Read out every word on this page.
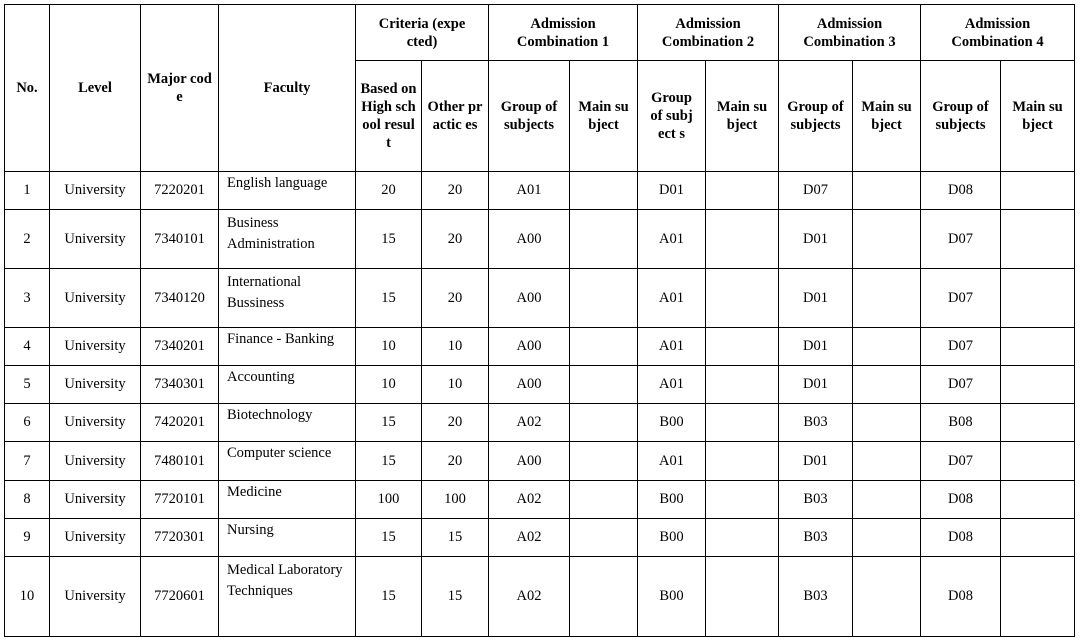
No.	Level	Major code	Faculty	Criteria (expected)		Admission Combination 1		Admission Combination 2		Admission Combination 3		Admission Combination 4	
				Based on High school result	Other practic es	Group of subjects	Main subject	Group of subject s	Main subject	Group of subjects	Main subject	Group of subjects	Main subject
1	University	7220201	English language	20	20	A01		D01		D07		D08	
2	University	7340101	Business Administration	15	20	A00		A01		D01		D07	
3	University	7340120	International Bussiness	15	20	A00		A01		D01		D07	
4	University	7340201	Finance - Banking	10	10	A00		A01		D01		D07	
5	University	7340301	Accounting	10	10	A00		A01		D01		D07	
6	University	7420201	Biotechnology	15	20	A02		B00		B03		B08	
7	University	7480101	Computer science	15	20	A00		A01		D01		D07	
8	University	7720101	Medicine	100	100	A02		B00		B03		D08	
9	University	7720301	Nursing	15	15	A02		B00		B03		D08	
10	University	7720601	Medical Laboratory Techniques	15	15	A02		B00		B03		D08	
